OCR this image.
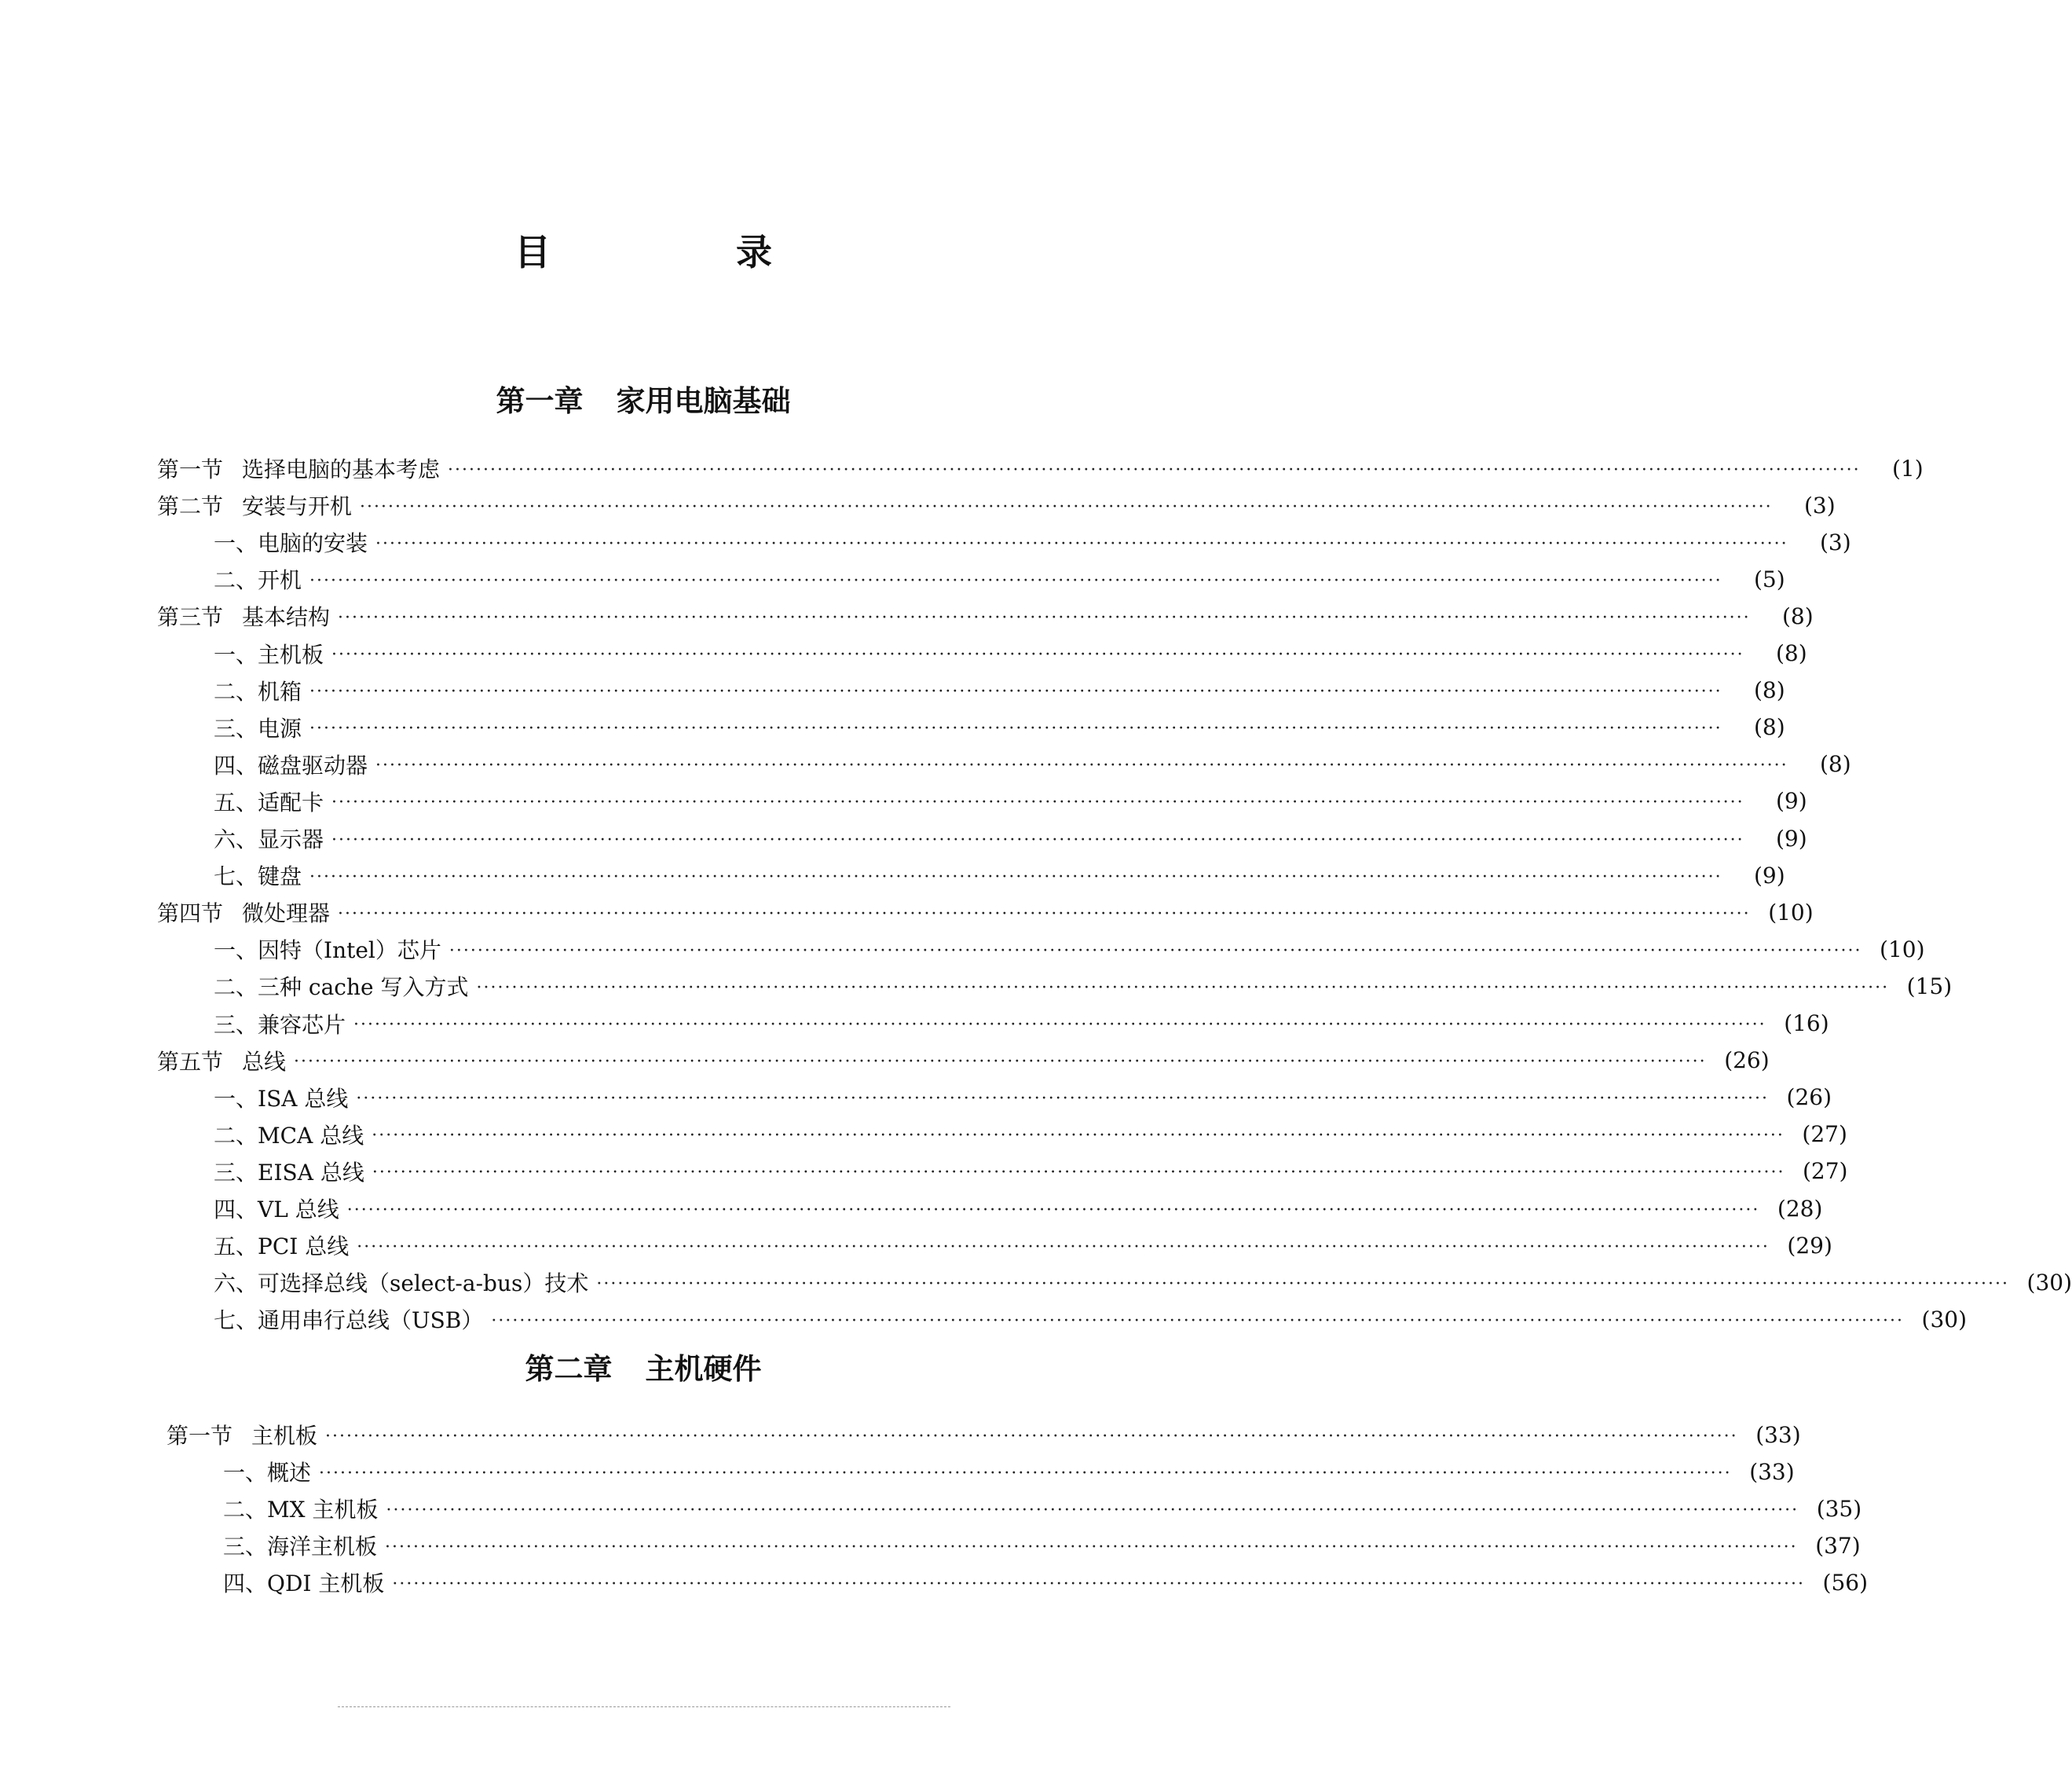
目 录
第一章 家用电脑基础
第一节 选择电脑的基本考虑 ········································································································································································································	(1)
第二节 安装与开机 ········································································································································································································	(3)
一、电脑的安装 ········································································································································································································	(3)
二、开机 ········································································································································································································	(5)
第三节 基本结构 ········································································································································································································	(8)
一、主机板 ········································································································································································································	(8)
二、机箱 ········································································································································································································	(8)
三、电源 ········································································································································································································	(8)
四、磁盘驱动器 ········································································································································································································	(8)
五、适配卡 ········································································································································································································	(9)
六、显示器 ········································································································································································································	(9)
七、键盘 ········································································································································································································	(9)
第四节 微处理器 ········································································································································································································ (10)
一、因特（Intel）芯片 ········································································································································································································ (10)
二、三种 cache 写入方式 ········································································································································································································ (15)
三、兼容芯片 ········································································································································································································ (16)
第五节 总线 ········································································································································································································ (26)
一、ISA 总线 ········································································································································································································ (26)
二、MCA 总线 ········································································································································································································ (27)
三、EISA 总线 ········································································································································································································ (27)
四、VL 总线 ········································································································································································································ (28)
五、PCI 总线 ········································································································································································································ (29)
六、可选择总线（select-a-bus）技术 ········································································································································································································ (30)
七、通用串行总线（USB） ········································································································································································································ (30)
第二章 主机硬件
第一节 主机板 ········································································································································································································ (33)
一、概述 ········································································································································································································ (33)
二、MX 主机板 ········································································································································································································ (35)
三、海洋主机板 ········································································································································································································ (37)
四、QDI 主机板 ········································································································································································································ (56)
